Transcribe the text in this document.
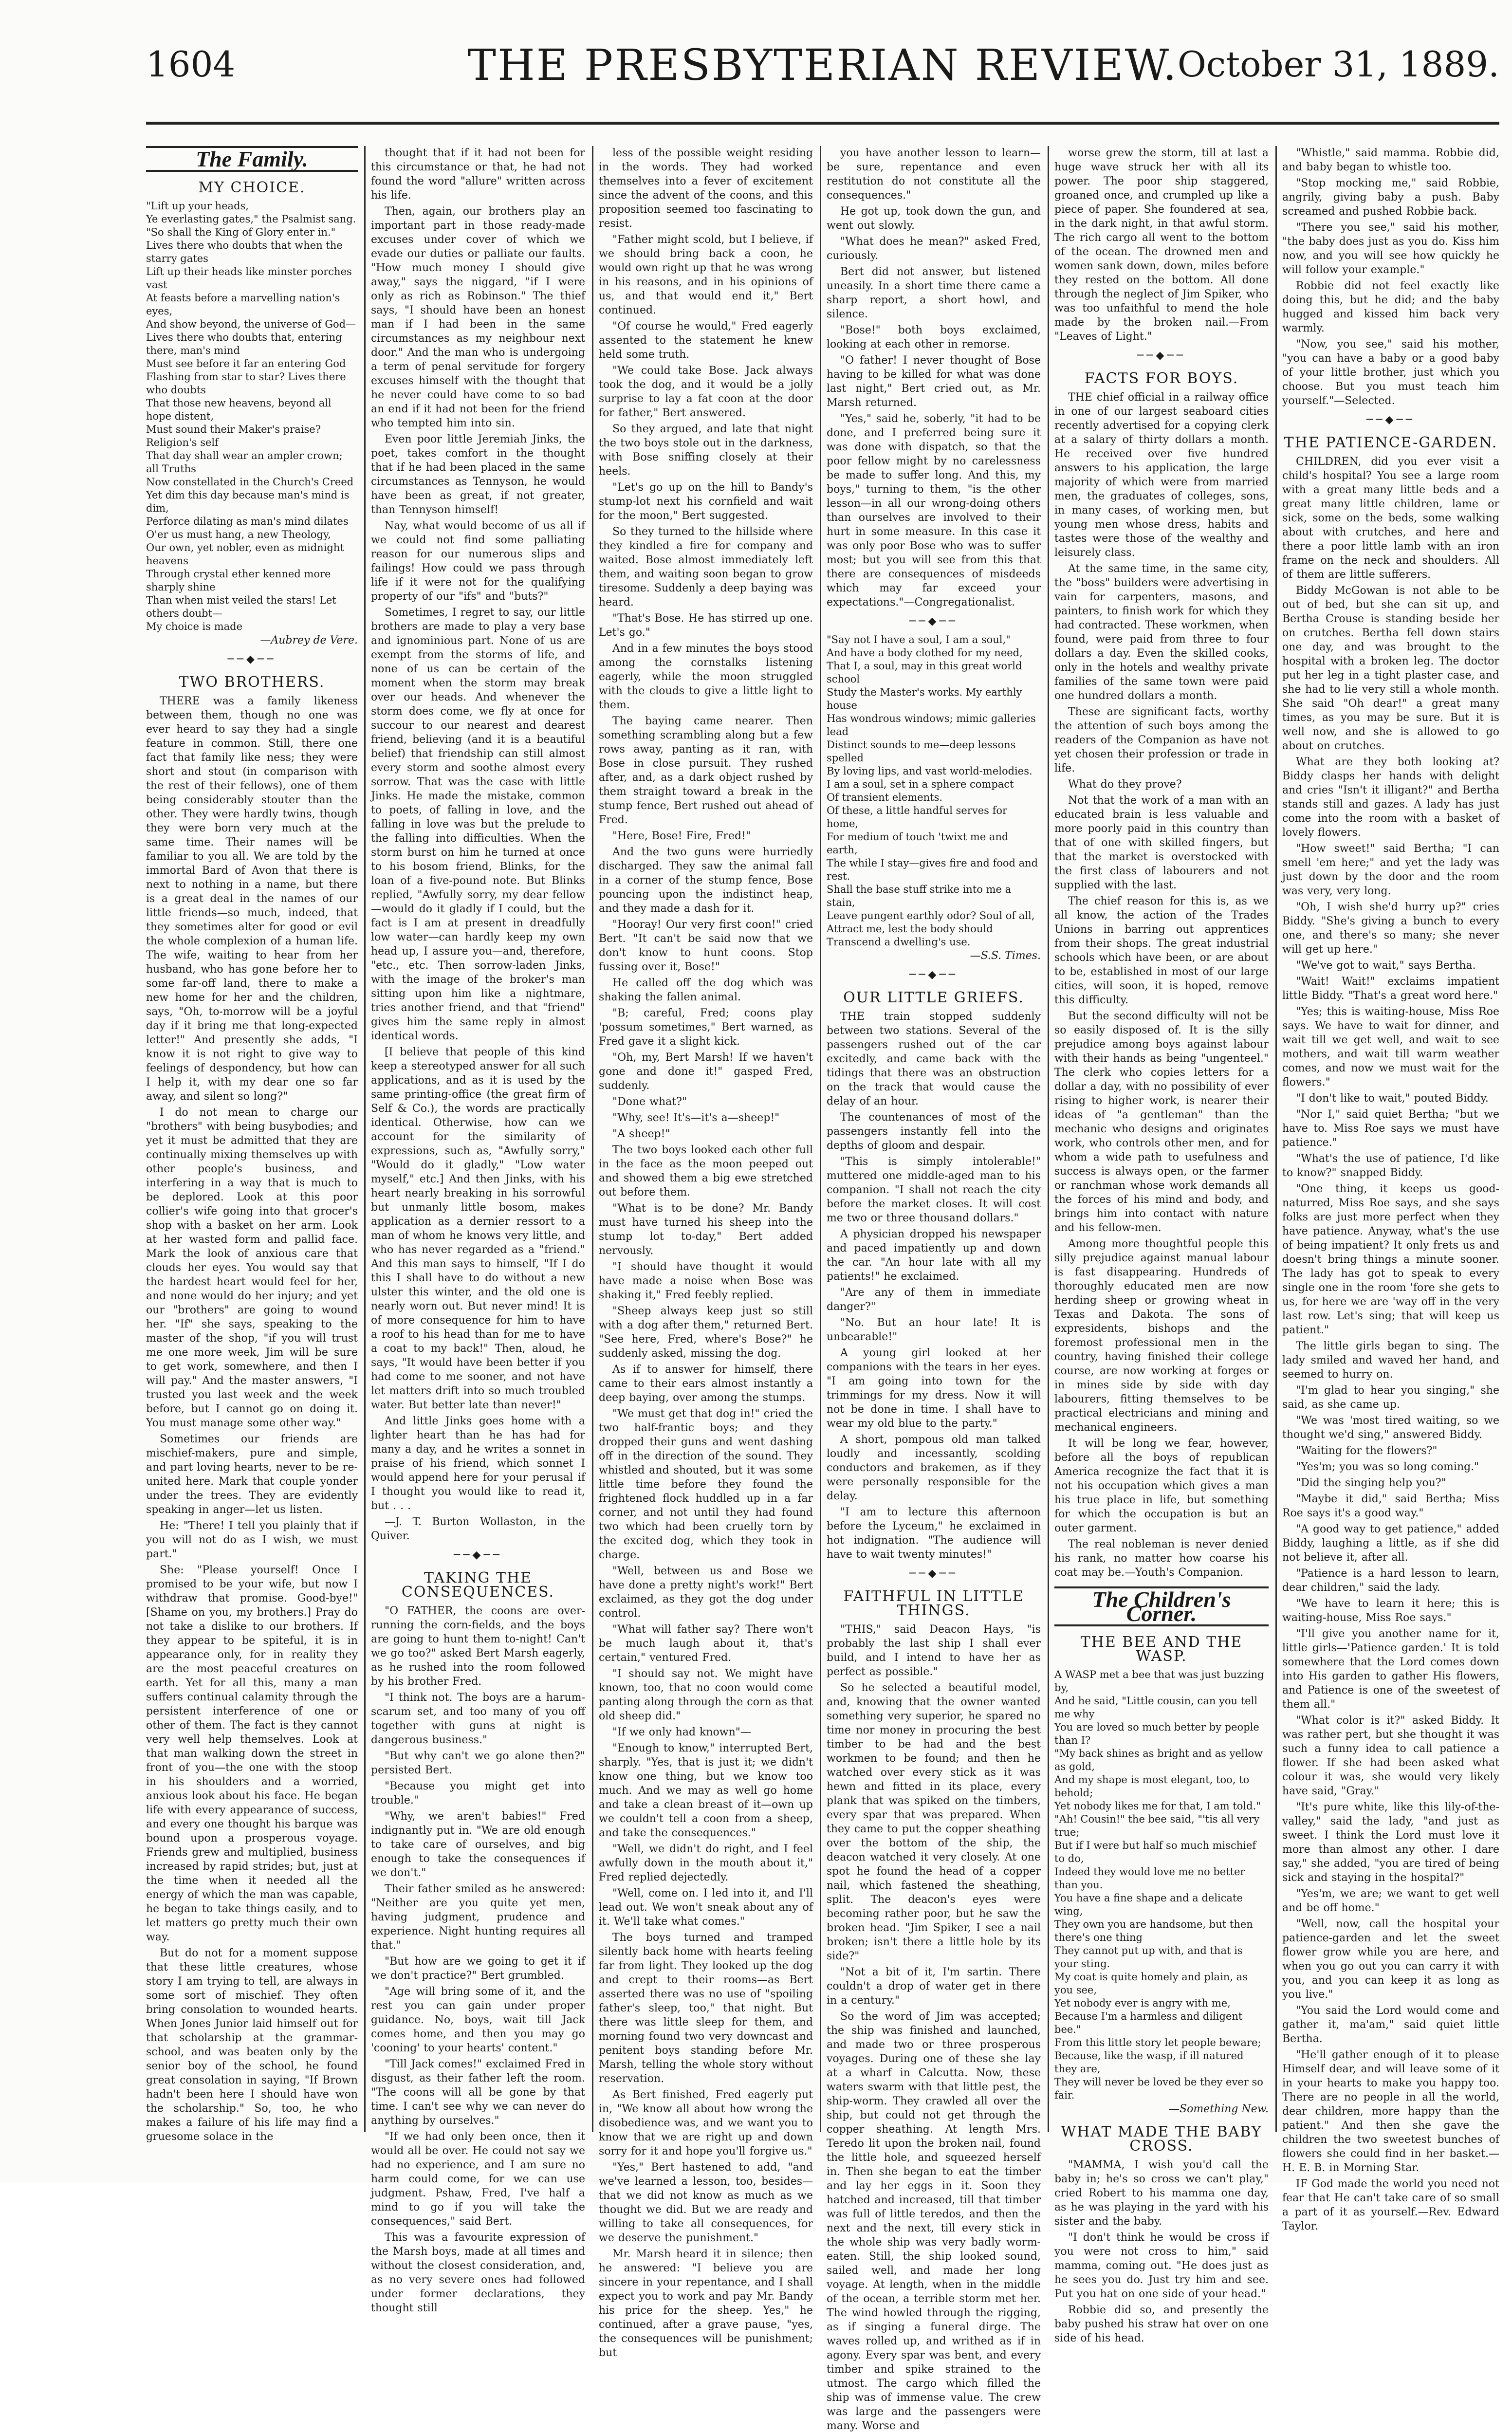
1604	THE PRESBYTERIAN REVIEW. October 31, 1889.
The Family.
MY CHOICE.
"Lift up your heads,
Ye everlasting gates," the Psalmist sang.
"So shall the King of Glory enter in."
Lives there who doubts that when the starry gates
Lift up their heads like minster porches vast
At feasts before a marvelling nation's eyes,
And show beyond, the universe of God—
Lives there who doubts that, entering there, man's mind
Must see before it far an entering God
Flashing from star to star? Lives there who doubts
That those new heavens, beyond all hope distent,
Must sound their Maker's praise? Religion's self
That day shall wear an ampler crown; all Truths
Now constellated in the Church's Creed
Yet dim this day because man's mind is dim,
Perforce dilating as man's mind dilates
O'er us must hang, a new Theology,
Our own, yet nobler, even as midnight heavens
Through crystal ether kenned more sharply shine
Than when mist veiled the stars! Let others doubt—
My choice is made
—Aubrey de Vere.
──◆──
TWO BROTHERS.

THERE was a family likeness between them, though no one was ever heard to say they had a single feature in common. Still, there one fact that family like ness; they were short and stout (in comparison with the rest of their fellows), one of them being considerably stouter than the other. They were hardly twins, though they were born very much at the same time. Their names will be familiar to you all. We are told by the immortal Bard of Avon that there is next to nothing in a name, but there is a great deal in the names of our little friends—so much, indeed, that they sometimes alter for good or evil the whole complexion of a human life. The wife, waiting to hear from her husband, who has gone before her to some far-off land, there to make a new home for her and the children, says, "Oh, to-morrow will be a joyful day if it bring me that long-expected letter!" And presently she adds, "I know it is not right to give way to feelings of despondency, but how can I help it, with my dear one so far away, and silent so long?"

I do not mean to charge our "brothers" with being busybodies; and yet it must be admitted that they are continually mixing themselves up with other people's business, and interfering in a way that is much to be deplored. Look at this poor collier's wife going into that grocer's shop with a basket on her arm. Look at her wasted form and pallid face. Mark the look of anxious care that clouds her eyes. You would say that the hardest heart would feel for her, and none would do her injury; and yet our "brothers" are going to wound her. "If" she says, speaking to the master of the shop, "if you will trust me one more week, Jim will be sure to get work, somewhere, and then I will pay." And the master answers, "I trusted you last week and the week before, but I cannot go on doing it. You must manage some other way."

Sometimes our friends are mischief-makers, pure and simple, and part loving hearts, never to be re-united here. Mark that couple yonder under the trees. They are evidently speaking in anger—let us listen.

He: "There! I tell you plainly that if you will not do as I wish, we must part."

She: "Please yourself! Once I promised to be your wife, but now I withdraw that promise. Good-bye!" [Shame on you, my brothers.] Pray do not take a dislike to our brothers. If they appear to be spiteful, it is in appearance only, for in reality they are the most peaceful creatures on earth. Yet for all this, many a man suffers continual calamity through the persistent interference of one or other of them. The fact is they cannot very well help themselves. Look at that man walking down the street in front of you—the one with the stoop in his shoulders and a worried, anxious look about his face. He began life with every appearance of success, and every one thought his barque was bound upon a prosperous voyage. Friends grew and multiplied, business increased by rapid strides; but, just at the time when it needed all the energy of which the man was capable, he began to take things easily, and to let matters go pretty much their own way.

But do not for a moment suppose that these little creatures, whose story I am trying to tell, are always in some sort of mischief. They often bring consolation to wounded hearts. When Jones Junior laid himself out for that scholarship at the grammar-school, and was beaten only by the senior boy of the school, he found great consolation in saying, "If Brown hadn't been here I should have won the scholarship." So, too, he who makes a failure of his life may find a gruesome solace in the

thought that if it had not been for this circumstance or that, he had not found the word "allure" written across his life.

Then, again, our brothers play an important part in those ready-made excuses under cover of which we evade our duties or palliate our faults. "How much money I should give away," says the niggard, "if I were only as rich as Robinson." The thief says, "I should have been an honest man if I had been in the same circumstances as my neighbour next door." And the man who is undergoing a term of penal servitude for forgery excuses himself with the thought that he never could have come to so bad an end if it had not been for the friend who tempted him into sin.

Even poor little Jeremiah Jinks, the poet, takes comfort in the thought that if he had been placed in the same circumstances as Tennyson, he would have been as great, if not greater, than Tennyson himself!

Nay, what would become of us all if we could not find some palliating reason for our numerous slips and failings! How could we pass through life if it were not for the qualifying property of our "ifs" and "buts?"

Sometimes, I regret to say, our little brothers are made to play a very base and ignominious part. None of us are exempt from the storms of life, and none of us can be certain of the moment when the storm may break over our heads. And whenever the storm does come, we fly at once for succour to our nearest and dearest friend, believing (and it is a beautiful belief) that friendship can still almost every storm and soothe almost every sorrow. That was the case with little Jinks. He made the mistake, common to poets, of falling in love, and the falling in love was but the prelude to the falling into difficulties. When the storm burst on him he turned at once to his bosom friend, Blinks, for the loan of a five-pound note. But Blinks replied, "Awfully sorry, my dear fellow—would do it gladly if I could, but the fact is I am at present in dreadfully low water—can hardly keep my own head up, I assure you—and, therefore, "etc., etc. Then sorrow-laden Jinks, with the image of the broker's man sitting upon him like a nightmare, tries another friend, and that "friend" gives him the same reply in almost identical words.

[I believe that people of this kind keep a stereotyped answer for all such applications, and as it is used by the same printing-office (the great firm of Self & Co.), the words are practically identical. Otherwise, how can we account for the similarity of expressions, such as, "Awfully sorry," "Would do it gladly," "Low water myself," etc.] And then Jinks, with his heart nearly breaking in his sorrowful but unmanly little bosom, makes application as a dernier ressort to a man of whom he knows very little, and who has never regarded as a "friend." And this man says to himself, "If I do this I shall have to do without a new ulster this winter, and the old one is nearly worn out. But never mind! It is of more consequence for him to have a roof to his head than for me to have a coat to my back!" Then, aloud, he says, "It would have been better if you had come to me sooner, and not have let matters drift into so much troubled water. But better late than never!"

And little Jinks goes home with a lighter heart than he has had for many a day, and he writes a sonnet in praise of his friend, which sonnet I would append here for your perusal if I thought you would like to read it, but . . .

—J. T. Burton Wollaston, in the Quiver.

──◆──
TAKING THE CONSEQUENCES.

"O FATHER, the coons are over-running the corn-fields, and the boys are going to hunt them to-night! Can't we go too?" asked Bert Marsh eagerly, as he rushed into the room followed by his brother Fred.

"I think not. The boys are a harum-scarum set, and too many of you off together with guns at night is dangerous business."

"But why can't we go alone then?" persisted Bert.

"Because you might get into trouble."

"Why, we aren't babies!" Fred indignantly put in. "We are old enough to take care of ourselves, and big enough to take the consequences if we don't."

Their father smiled as he answered: "Neither are you quite yet men, having judgment, prudence and experience. Night hunting requires all that."

"But how are we going to get it if we don't practice?" Bert grumbled.

"Age will bring some of it, and the rest you can gain under proper guidance. No, boys, wait till Jack comes home, and then you may go 'cooning' to your hearts' content."

"Till Jack comes!" exclaimed Fred in disgust, as their father left the room. "The coons will all be gone by that time. I can't see why we can never do anything by ourselves."

"If we had only been once, then it would all be over. He could not say we had no experience, and I am sure no harm could come, for we can use judgment. Pshaw, Fred, I've half a mind to go if you will take the consequences," said Bert.

This was a favourite expression of the Marsh boys, made at all times and without the closest consideration, and, as no very severe ones had followed under former declarations, they thought still

less of the possible weight residing in the words. They had worked themselves into a fever of excitement since the advent of the coons, and this proposition seemed too fascinating to resist.

"Father might scold, but I believe, if we should bring back a coon, he would own right up that he was wrong in his reasons, and in his opinions of us, and that would end it," Bert continued.

"Of course he would," Fred eagerly assented to the statement he knew held some truth.

"We could take Bose. Jack always took the dog, and it would be a jolly surprise to lay a fat coon at the door for father," Bert answered.

So they argued, and late that night the two boys stole out in the darkness, with Bose sniffing closely at their heels.

"Let's go up on the hill to Bandy's stump-lot next his cornfield and wait for the moon," Bert suggested.

So they turned to the hillside where they kindled a fire for company and waited. Bose almost immediately left them, and waiting soon began to grow tiresome. Suddenly a deep baying was heard.

"That's Bose. He has stirred up one. Let's go."

And in a few minutes the boys stood among the cornstalks listening eagerly, while the moon struggled with the clouds to give a little light to them.

The baying came nearer. Then something scrambling along but a few rows away, panting as it ran, with Bose in close pursuit. They rushed after, and, as a dark object rushed by them straight toward a break in the stump fence, Bert rushed out ahead of Fred.

"Here, Bose! Fire, Fred!"

And the two guns were hurriedly discharged. They saw the animal fall in a corner of the stump fence, Bose pouncing upon the indistinct heap, and they made a dash for it.

"Hooray! Our very first coon!" cried Bert. "It can't be said now that we don't know to hunt coons. Stop fussing over it, Bose!"

He called off the dog which was shaking the fallen animal.

"B; careful, Fred; coons play 'possum sometimes," Bert warned, as Fred gave it a slight kick.

"Oh, my, Bert Marsh! If we haven't gone and done it!" gasped Fred, suddenly.

"Done what?"

"Why, see! It's—it's a—sheep!"

"A sheep!"

The two boys looked each other full in the face as the moon peeped out and showed them a big ewe stretched out before them.

"What is to be done? Mr. Bandy must have turned his sheep into the stump lot to-day," Bert added nervously.

"I should have thought it would have made a noise when Bose was shaking it," Fred feebly replied.

"Sheep always keep just so still with a dog after them," returned Bert. "See here, Fred, where's Bose?" he suddenly asked, missing the dog.

As if to answer for himself, there came to their ears almost instantly a deep baying, over among the stumps.

"We must get that dog in!" cried the two half-frantic boys; and they dropped their guns and went dashing off in the direction of the sound. They whistled and shouted, but it was some little time before they found the frightened flock huddled up in a far corner, and not until they had found two which had been cruelly torn by the excited dog, which they took in charge.

"Well, between us and Bose we have done a pretty night's work!" Bert exclaimed, as they got the dog under control.

"What will father say? There won't be much laugh about it, that's certain," ventured Fred.

"I should say not. We might have known, too, that no coon would come panting along through the corn as that old sheep did."

"If we only had known"—

"Enough to know," interrupted Bert, sharply. "Yes, that is just it; we didn't know one thing, but we know too much. And we may as well go home and take a clean breast of it—own up we couldn't tell a coon from a sheep, and take the consequences."

"Well, we didn't do right, and I feel awfully down in the mouth about it," Fred replied dejectedly.

"Well, come on. I led into it, and I'll lead out. We won't sneak about any of it. We'll take what comes."

The boys turned and tramped silently back home with hearts feeling far from light. They looked up the dog and crept to their rooms—as Bert asserted there was no use of "spoiling father's sleep, too," that night. But there was little sleep for them, and morning found two very downcast and penitent boys standing before Mr. Marsh, telling the whole story without reservation.

As Bert finished, Fred eagerly put in, "We know all about how wrong the disobedience was, and we want you to know that we are right up and down sorry for it and hope you'll forgive us."

"Yes," Bert hastened to add, "and we've learned a lesson, too, besides—that we did not know as much as we thought we did. But we are ready and willing to take all consequences, for we deserve the punishment."

Mr. Marsh heard it in silence; then he answered: "I believe you are sincere in your repentance, and I shall expect you to work and pay Mr. Bandy his price for the sheep. Yes," he continued, after a grave pause, "yes, the consequences will be punishment; but

you have another lesson to learn—be sure, repentance and even restitution do not constitute all the consequences."

He got up, took down the gun, and went out slowly.

"What does he mean?" asked Fred, curiously.

Bert did not answer, but listened uneasily. In a short time there came a sharp report, a short howl, and silence.

"Bose!" both boys exclaimed, looking at each other in remorse.

"O father! I never thought of Bose having to be killed for what was done last night," Bert cried out, as Mr. Marsh returned.

"Yes," said he, soberly, "it had to be done, and I preferred being sure it was done with dispatch, so that the poor fellow might by no carelessness be made to suffer long. And this, my boys," turning to them, "is the other lesson—in all our wrong-doing others than ourselves are involved to their hurt in some measure. In this case it was only poor Bose who was to suffer most; but you will see from this that there are consequences of misdeeds which may far exceed your expectations."—Congregationalist.

──◆──
"Say not I have a soul, I am a soul,"
And have a body clothed for my need,
That I, a soul, may in this great world school
Study the Master's works. My earthly house
Has wondrous windows; mimic galleries lead
Distinct sounds to me—deep lessons spelled
By loving lips, and vast world-melodies.
I am a soul, set in a sphere compact
Of transient elements.
Of these, a little handful serves for home,
For medium of touch 'twixt me and earth,
The while I stay—gives fire and food and rest.
Shall the base stuff strike into me a stain,
Leave pungent earthly odor? Soul of all,
Attract me, lest the body should
Transcend a dwelling's use.
—S.S. Times.
──◆──
OUR LITTLE GRIEFS.

THE train stopped suddenly between two stations. Several of the passengers rushed out of the car excitedly, and came back with the tidings that there was an obstruction on the track that would cause the delay of an hour.

The countenances of most of the passengers instantly fell into the depths of gloom and despair.

"This is simply intolerable!" muttered one middle-aged man to his companion. "I shall not reach the city before the market closes. It will cost me two or three thousand dollars."

A physician dropped his newspaper and paced impatiently up and down the car. "An hour late with all my patients!" he exclaimed.

"Are any of them in immediate danger?"

"No. But an hour late! It is unbearable!"

A young girl looked at her companions with the tears in her eyes. "I am going into town for the trimmings for my dress. Now it will not be done in time. I shall have to wear my old blue to the party."

A short, pompous old man talked loudly and incessantly, scolding conductors and brakemen, as if they were personally responsible for the delay.

"I am to lecture this afternoon before the Lyceum," he exclaimed in hot indignation. "The audience will have to wait twenty minutes!"

──◆──
FAITHFUL IN LITTLE THINGS.

"THIS," said Deacon Hays, "is probably the last ship I shall ever build, and I intend to have her as perfect as possible."

So he selected a beautiful model, and, knowing that the owner wanted something very superior, he spared no time nor money in procuring the best timber to be had and the best workmen to be found; and then he watched over every stick as it was hewn and fitted in its place, every plank that was spiked on the timbers, every spar that was prepared. When they came to put the copper sheathing over the bottom of the ship, the deacon watched it very closely. At one spot he found the head of a copper nail, which fastened the sheathing, split. The deacon's eyes were becoming rather poor, but he saw the broken head. "Jim Spiker, I see a nail broken; isn't there a little hole by its side?"

"Not a bit of it, I'm sartin. There couldn't a drop of water get in there in a century."

So the word of Jim was accepted; the ship was finished and launched, and made two or three prosperous voyages. During one of these she lay at a wharf in Calcutta. Now, these waters swarm with that little pest, the ship-worm. They crawled all over the ship, but could not get through the copper sheathing. At length Mrs. Teredo lit upon the broken nail, found the little hole, and squeezed herself in. Then she began to eat the timber and lay her eggs in it. Soon they hatched and increased, till that timber was full of little teredos, and then the next and the next, till every stick in the whole ship was very badly worm-eaten. Still, the ship looked sound, sailed well, and made her long voyage. At length, when in the middle of the ocean, a terrible storm met her. The wind howled through the rigging, as if singing a funeral dirge. The waves rolled up, and writhed as if in agony. Every spar was bent, and every timber and spike strained to the utmost. The cargo which filled the ship was of immense value. The crew was large and the passengers were many. Worse and

worse grew the storm, till at last a huge wave struck her with all its power. The poor ship staggered, groaned once, and crumpled up like a piece of paper. She foundered at sea, in the dark night, in that awful storm. The rich cargo all went to the bottom of the ocean. The drowned men and women sank down, down, miles before they rested on the bottom. All done through the neglect of Jim Spiker, who was too unfaithful to mend the hole made by the broken nail.—From "Leaves of Light."

──◆──
FACTS FOR BOYS.

THE chief official in a railway office in one of our largest seaboard cities recently advertised for a copying clerk at a salary of thirty dollars a month. He received over five hundred answers to his application, the large majority of which were from married men, the graduates of colleges, sons, in many cases, of working men, but young men whose dress, habits and tastes were those of the wealthy and leisurely class.

At the same time, in the same city, the "boss" builders were advertising in vain for carpenters, masons, and painters, to finish work for which they had contracted. These workmen, when found, were paid from three to four dollars a day. Even the skilled cooks, only in the hotels and wealthy private families of the same town were paid one hundred dollars a month.

These are significant facts, worthy the attention of such boys among the readers of the Companion as have not yet chosen their profession or trade in life.

What do they prove?

Not that the work of a man with an educated brain is less valuable and more poorly paid in this country than that of one with skilled fingers, but that the market is overstocked with the first class of labourers and not supplied with the last.

The chief reason for this is, as we all know, the action of the Trades Unions in barring out apprentices from their shops. The great industrial schools which have been, or are about to be, established in most of our large cities, will soon, it is hoped, remove this difficulty.

But the second difficulty will not be so easily disposed of. It is the silly prejudice among boys against labour with their hands as being "ungenteel." The clerk who copies letters for a dollar a day, with no possibility of ever rising to higher work, is nearer their ideas of "a gentleman" than the mechanic who designs and originates work, who controls other men, and for whom a wide path to usefulness and success is always open, or the farmer or ranchman whose work demands all the forces of his mind and body, and brings him into contact with nature and his fellow-men.

Among more thoughtful people this silly prejudice against manual labour is fast disappearing. Hundreds of thoroughly educated men are now herding sheep or growing wheat in Texas and Dakota. The sons of expresidents, bishops and the foremost professional men in the country, having finished their college course, are now working at forges or in mines side by side with day labourers, fitting themselves to be practical electricians and mining and mechanical engineers.

It will be long we fear, however, before all the boys of republican America recognize the fact that it is not his occupation which gives a man his true place in life, but something for which the occupation is but an outer garment.

The real nobleman is never denied his rank, no matter how coarse his coat may be.—Youth's Companion.

The Children's Corner.
THE BEE AND THE WASP.
A WASP met a bee that was just buzzing by,
And he said, "Little cousin, can you tell me why
You are loved so much better by people than I?
"My back shines as bright and as yellow as gold,
And my shape is most elegant, too, to behold;
Yet nobody likes me for that, I am told."
"Ah! Cousin!" the bee said, "'tis all very true;
But if I were but half so much mischief to do,
Indeed they would love me no better than you.
You have a fine shape and a delicate wing,
They own you are handsome, but then there's one thing
They cannot put up with, and that is your sting.
My coat is quite homely and plain, as you see,
Yet nobody ever is angry with me,
Because I'm a harmless and diligent bee."
From this little story let people beware;
Because, like the wasp, if ill natured they are,
They will never be loved be they ever so fair.
—Something New.
WHAT MADE THE BABY CROSS.

"MAMMA, I wish you'd call the baby in; he's so cross we can't play," cried Robert to his mamma one day, as he was playing in the yard with his sister and the baby.

"I don't think he would be cross if you were not cross to him," said mamma, coming out. "He does just as he sees you do. Just try him and see. Put you hat on one side of your head."

Robbie did so, and presently the baby pushed his straw hat over on one side of his head.

"Whistle," said mamma. Robbie did, and baby began to whistle too.

"Stop mocking me," said Robbie, angrily, giving baby a push. Baby screamed and pushed Robbie back.

"There you see," said his mother, "the baby does just as you do. Kiss him now, and you will see how quickly he will follow your example."

Robbie did not feel exactly like doing this, but he did; and the baby hugged and kissed him back very warmly.

"Now, you see," said his mother, "you can have a baby or a good baby of your little brother, just which you choose. But you must teach him yourself."—Selected.

──◆──
THE PATIENCE-GARDEN.

CHILDREN, did you ever visit a child's hospital? You see a large room with a great many little beds and a great many little children, lame or sick, some on the beds, some walking about with crutches, and here and there a poor little lamb with an iron frame on the neck and shoulders. All of them are little sufferers.

Biddy McGowan is not able to be out of bed, but she can sit up, and Bertha Crouse is standing beside her on crutches. Bertha fell down stairs one day, and was brought to the hospital with a broken leg. The doctor put her leg in a tight plaster case, and she had to lie very still a whole month. She said "Oh dear!" a great many times, as you may be sure. But it is well now, and she is allowed to go about on crutches.

What are they both looking at? Biddy clasps her hands with delight and cries "Isn't it illigant?" and Bertha stands still and gazes. A lady has just come into the room with a basket of lovely flowers.

"How sweet!" said Bertha; "I can smell 'em here;" and yet the lady was just down by the door and the room was very, very long.

"Oh, I wish she'd hurry up?" cries Biddy. "She's giving a bunch to every one, and there's so many; she never will get up here."

"We've got to wait," says Bertha.

"Wait! Wait!" exclaims impatient little Biddy. "That's a great word here."

"Yes; this is waiting-house, Miss Roe says. We have to wait for dinner, and wait till we get well, and wait to see mothers, and wait till warm weather comes, and now we must wait for the flowers."

"I don't like to wait," pouted Biddy.

"Nor I," said quiet Bertha; "but we have to. Miss Roe says we must have patience."

"What's the use of patience, I'd like to know?" snapped Biddy.

"One thing, it keeps us good-naturred, Miss Roe says, and she says folks are just more perfect when they have patience. Anyway, what's the use of being impatient? It only frets us and doesn't bring things a minute sooner. The lady has got to speak to every single one in the room 'fore she gets to us, for here we are 'way off in the very last row. Let's sing; that will keep us patient."

The little girls began to sing. The lady smiled and waved her hand, and seemed to hurry on.

"I'm glad to hear you singing," she said, as she came up.

"We was 'most tired waiting, so we thought we'd sing," answered Biddy.

"Waiting for the flowers?"

"Yes'm; you was so long coming."

"Did the singing help you?"

"Maybe it did," said Bertha; Miss Roe says it's a good way."

"A good way to get patience," added Biddy, laughing a little, as if she did not believe it, after all.

"Patience is a hard lesson to learn, dear children," said the lady.

"We have to learn it here; this is waiting-house, Miss Roe says."

"I'll give you another name for it, little girls—'Patience garden.' It is told somewhere that the Lord comes down into His garden to gather His flowers, and Patience is one of the sweetest of them all."

"What color is it?" asked Biddy. It was rather pert, but she thought it was such a funny idea to call patience a flower. If she had been asked what colour it was, she would very likely have said, "Gray."

"It's pure white, like this lily-of-the-valley," said the lady, "and just as sweet. I think the Lord must love it more than almost any other. I dare say," she added, "you are tired of being sick and staying in the hospital?"

"Yes'm, we are; we want to get well and be off home."

"Well, now, call the hospital your patience-garden and let the sweet flower grow while you are here, and when you go out you can carry it with you, and you can keep it as long as you live."

"You said the Lord would come and gather it, ma'am," said quiet little Bertha.

"He'll gather enough of it to please Himself dear, and will leave some of it in your hearts to make you happy too. There are no people in all the world, dear children, more happy than the patient." And then she gave the children the two sweetest bunches of flowers she could find in her basket.—H. E. B. in Morning Star.

IF God made the world you need not fear that He can't take care of so small a part of it as yourself.—Rev. Edward Taylor.
